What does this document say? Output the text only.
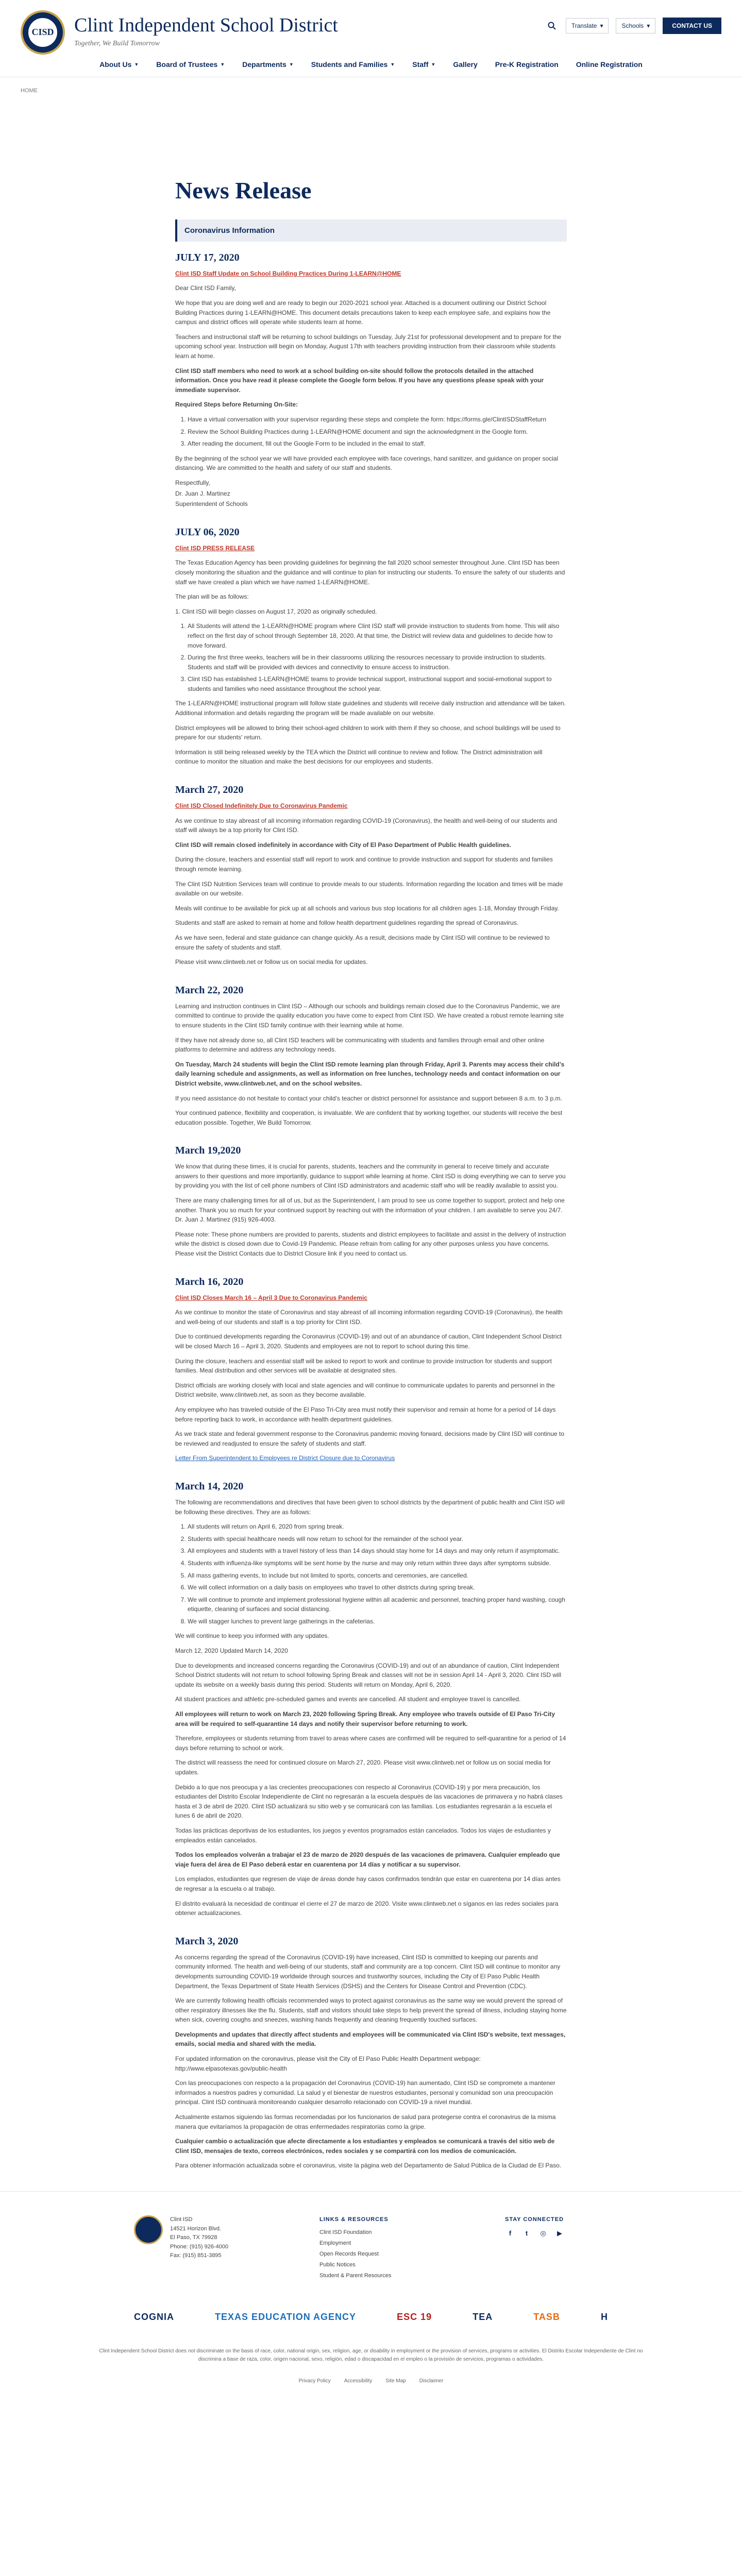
CISD Clint Independent School District
Together, We Build Tomorrow
Translate ▾	Schools ▾	CONTACT US
About Us ▼ Board of Trustees ▼ Departments ▼ Students and Families ▼ Staff ▼ Gallery Pre-K Registration Online Registration
HOME
News Release
Coronavirus Information
JULY 17, 2020
Clint ISD Staff Update on School Building Practices During 1-LEARN@HOME

Dear Clint ISD Family,

We hope that you are doing well and are ready to begin our 2020-2021 school year. Attached is a document outlining our District School Building Practices during 1-LEARN@HOME. This document details precautions taken to keep each employee safe, and explains how the campus and district offices will operate while students learn at home.

Teachers and instructional staff will be returning to school buildings on Tuesday, July 21st for professional development and to prepare for the upcoming school year. Instruction will begin on Monday, August 17th with teachers providing instruction from their classroom while students learn at home.

Clint ISD staff members who need to work at a school building on-site should follow the protocols detailed in the attached information. Once you have read it please complete the Google form below. If you have any questions please speak with your immediate supervisor.

Required Steps before Returning On-Site:

1. Have a virtual conversation with your supervisor regarding these steps and complete the form: https://forms.gle/ClintISDStaffReturn
2. Review the School Building Practices during 1-LEARN@HOME document and sign the acknowledgment in the Google form.
3. After reading the document, fill out the Google Form to be included in the email to staff.

By the beginning of the school year we will have provided each employee with face coverings, hand sanitizer, and guidance on proper social distancing. We are committed to the health and safety of our staff and students.

Respectfully,

Dr. Juan J. Martinez

Superintendent of Schools

JULY 06, 2020
Clint ISD PRESS RELEASE

The Texas Education Agency has been providing guidelines for beginning the fall 2020 school semester throughout June. Clint ISD has been closely monitoring the situation and the guidance and will continue to plan for instructing our students. To ensure the safety of our students and staff we have created a plan which we have named 1-LEARN@HOME.

The plan will be as follows:

1. Clint ISD will begin classes on August 17, 2020 as originally scheduled.

1. All Students will attend the 1-LEARN@HOME program where Clint ISD staff will provide instruction to students from home. This will also reflect on the first day of school through September 18, 2020. At that time, the District will review data and guidelines to decide how to move forward.
2. During the first three weeks, teachers will be in their classrooms utilizing the resources necessary to provide instruction to students. Students and staff will be provided with devices and connectivity to ensure access to instruction.
3. Clint ISD has established 1-LEARN@HOME teams to provide technical support, instructional support and social-emotional support to students and families who need assistance throughout the school year.

The 1-LEARN@HOME instructional program will follow state guidelines and students will receive daily instruction and attendance will be taken. Additional information and details regarding the program will be made available on our website.

District employees will be allowed to bring their school-aged children to work with them if they so choose, and school buildings will be used to prepare for our students' return.

Information is still being released weekly by the TEA which the District will continue to review and follow. The District administration will continue to monitor the situation and make the best decisions for our employees and students.

March 27, 2020
Clint ISD Closed Indefinitely Due to Coronavirus Pandemic

As we continue to stay abreast of all incoming information regarding COVID-19 (Coronavirus), the health and well-being of our students and staff will always be a top priority for Clint ISD.

Clint ISD will remain closed indefinitely in accordance with City of El Paso Department of Public Health guidelines.

During the closure, teachers and essential staff will report to work and continue to provide instruction and support for students and families through remote learning.

The Clint ISD Nutrition Services team will continue to provide meals to our students. Information regarding the location and times will be made available on our website.

Meals will continue to be available for pick up at all schools and various bus stop locations for all children ages 1-18, Monday through Friday.

Students and staff are asked to remain at home and follow health department guidelines regarding the spread of Coronavirus.

As we have seen, federal and state guidance can change quickly. As a result, decisions made by Clint ISD will continue to be reviewed to ensure the safety of students and staff.

Please visit www.clintweb.net or follow us on social media for updates.

March 22, 2020

Learning and instruction continues in Clint ISD – Although our schools and buildings remain closed due to the Coronavirus Pandemic, we are committed to continue to provide the quality education you have come to expect from Clint ISD. We have created a robust remote learning site to ensure students in the Clint ISD family continue with their learning while at home.

If they have not already done so, all Clint ISD teachers will be communicating with students and families through email and other online platforms to determine and address any technology needs.

On Tuesday, March 24 students will begin the Clint ISD remote learning plan through Friday, April 3. Parents may access their child’s daily learning schedule and assignments, as well as information on free lunches, technology needs and contact information on our District website, www.clintweb.net, and on the school websites.

If you need assistance do not hesitate to contact your child’s teacher or district personnel for assistance and support between 8 a.m. to 3 p.m.

Your continued patience, flexibility and cooperation, is invaluable. We are confident that by working together, our students will receive the best education possible. Together, We Build Tomorrow.

March 19,2020

We know that during these times, it is crucial for parents, students, teachers and the community in general to receive timely and accurate answers to their questions and more importantly, guidance to support while learning at home. Clint ISD is doing everything we can to serve you by providing you with the list of cell phone numbers of Clint ISD administrators and academic staff who will be readily available to assist you.

There are many challenging times for all of us, but as the Superintendent, I am proud to see us come together to support, protect and help one another. Thank you so much for your continued support by reaching out with the information of your children. I am available to serve you 24/7. Dr. Juan J. Martinez (915) 926-4003.

Please note: These phone numbers are provided to parents, students and district employees to facilitate and assist in the delivery of instruction while the district is closed down due to Covid-19 Pandemic. Please refrain from calling for any other purposes unless you have concerns. Please visit the District Contacts due to District Closure link if you need to contact us.

March 16, 2020
Clint ISD Closes March 16 – April 3 Due to Coronavirus Pandemic

As we continue to monitor the state of Coronavirus and stay abreast of all incoming information regarding COVID-19 (Coronavirus), the health and well-being of our students and staff is a top priority for Clint ISD.

Due to continued developments regarding the Coronavirus (COVID-19) and out of an abundance of caution, Clint Independent School District will be closed March 16 – April 3, 2020. Students and employees are not to report to school during this time.

During the closure, teachers and essential staff will be asked to report to work and continue to provide instruction for students and support families. Meal distribution and other services will be available at designated sites.

District officials are working closely with local and state agencies and will continue to communicate updates to parents and personnel in the District website, www.clintweb.net, as soon as they become available.

Any employee who has traveled outside of the El Paso Tri-City area must notify their supervisor and remain at home for a period of 14 days before reporting back to work, in accordance with health department guidelines.

As we track state and federal government response to the Coronavirus pandemic moving forward, decisions made by Clint ISD will continue to be reviewed and readjusted to ensure the safety of students and staff.

Letter From Superintendent to Employees re District Closure due to Coronavirus

March 14, 2020

The following are recommendations and directives that have been given to school districts by the department of public health and Clint ISD will be following these directives. They are as follows:

1. All students will return on April 6, 2020 from spring break.
2. Students with special healthcare needs will now return to school for the remainder of the school year.
3. All employees and students with a travel history of less than 14 days should stay home for 14 days and may only return if asymptomatic.
4. Students with influenza-like symptoms will be sent home by the nurse and may only return within three days after symptoms subside.
5. All mass gathering events, to include but not limited to sports, concerts and ceremonies, are cancelled.
6. We will collect information on a daily basis on employees who travel to other districts during spring break.
7. We will continue to promote and implement professional hygiene within all academic and personnel, teaching proper hand washing, cough etiquette, cleaning of surfaces and social distancing.
8. We will stagger lunches to prevent large gatherings in the cafeterias.

We will continue to keep you informed with any updates.

March 12, 2020 Updated March 14, 2020

Due to developments and increased concerns regarding the Coronavirus (COVID-19) and out of an abundance of caution, Clint Independent School District students will not return to school following Spring Break and classes will not be in session April 14 - April 3, 2020. Clint ISD will update its website on a weekly basis during this period. Students will return on Monday, April 6, 2020.

All student practices and athletic pre-scheduled games and events are cancelled. All student and employee travel is cancelled.

All employees will return to work on March 23, 2020 following Spring Break. Any employee who travels outside of El Paso Tri-City area will be required to self-quarantine 14 days and notify their supervisor before returning to work.

Therefore, employees or students returning from travel to areas where cases are confirmed will be required to self-quarantine for a period of 14 days before returning to school or work.

The district will reassess the need for continued closure on March 27, 2020. Please visit www.clintweb.net or follow us on social media for updates.

Debido a lo que nos preocupa y a las crecientes preocupaciones con respecto al Coronavirus (COVID-19) y por mera precaución, los estudiantes del Distrito Escolar Independiente de Clint no regresarán a la escuela después de las vacaciones de primavera y no habrá clases hasta el 3 de abril de 2020. Clint ISD actualizará su sitio web y se comunicará con las familias. Los estudiantes regresarán a la escuela el lunes 6 de abril de 2020.

Todas las prácticas deportivas de los estudiantes, los juegos y eventos programados están cancelados. Todos los viajes de estudiantes y empleados están cancelados.

Todos los empleados volverán a trabajar el 23 de marzo de 2020 después de las vacaciones de primavera. Cualquier empleado que viaje fuera del área de El Paso deberá estar en cuarentena por 14 días y notificar a su supervisor.

Los emplados, estudiantes que regresen de viaje de áreas donde hay casos confirmados tendrán que estar en cuarentena por 14 días antes de regresar a la escuela o al trabajo.

El distrito evaluará la necesidad de continuar el cierre el 27 de marzo de 2020. Visite www.clintweb.net o síganos en las redes sociales para obtener actualizaciones.

March 3, 2020

As concerns regarding the spread of the Coronavirus (COVID-19) have increased, Clint ISD is committed to keeping our parents and community informed. The health and well-being of our students, staff and community are a top concern. Clint ISD will continue to monitor any developments surrounding COVID-19 worldwide through sources and trustworthy sources, including the City of El Paso Public Health Department, the Texas Department of State Health Services (DSHS) and the Centers for Disease Control and Prevention (CDC).

We are currently following health officials recommended ways to protect against coronavirus as the same way we would prevent the spread of other respiratory illnesses like the flu. Students, staff and visitors should take steps to help prevent the spread of illness, including staying home when sick, covering coughs and sneezes, washing hands frequently and cleaning frequently touched surfaces.

Developments and updates that directly affect students and employees will be communicated via Clint ISD's website, text messages, emails, social media and shared with the media.

For updated information on the coronavirus, please visit the City of El Paso Public Health Department webpage: http://www.elpasotexas.gov/public-health

Con las preocupaciones con respecto a la propagación del Coronavirus (COVID-19) han aumentado, Clint ISD se compromete a mantener informados a nuestros padres y comunidad. La salud y el bienestar de nuestros estudiantes, personal y comunidad son una preocupación principal. Clint ISD continuará monitoreando cualquier desarrollo relacionado con COVID-19 a nivel mundial.

Actualmente estamos siguiendo las formas recomendadas por los funcionarios de salud para protegerse contra el coronavirus de la misma manera que evitaríamos la propagación de otras enfermedades respiratorias como la gripe.

Cualquier cambio o actualización que afecte directamente a los estudiantes y empleados se comunicará a través del sitio web de Clint ISD, mensajes de texto, correos electrónicos, redes sociales y se compartirá con los medios de comunicación.

Para obtener información actualizada sobre el coronavirus, visite la página web del Departamento de Salud Pública de la Ciudad de El Paso.

Clint ISD
14521 Horizon Blvd.
El Paso, TX 79928
Phone: (915) 926-4000
Fax: (915) 851-3895
LINKS & RESOURCES
Clint ISD Foundation
Employment
Open Records Request
Public Notices
Student & Parent Resources
STAY CONNECTED
f	t	◎	▶
COGNIA	TEXAS EDUCATION AGENCY	ESC 19	TEA	TASB	H
Clint Independent School District does not discriminate on the basis of race, color, national origin, sex, religion, age, or disability in employment or the provision of services, programs or activities. El Distrito Escolar Independiente de Clint no discrimina a base de raza, color, origen nacional, sexo, religión, edad o discapacidad en el empleo o la provisión de servicios, programas o actividades.
Privacy Policy	Accessibility	Site Map	Disclaimer
